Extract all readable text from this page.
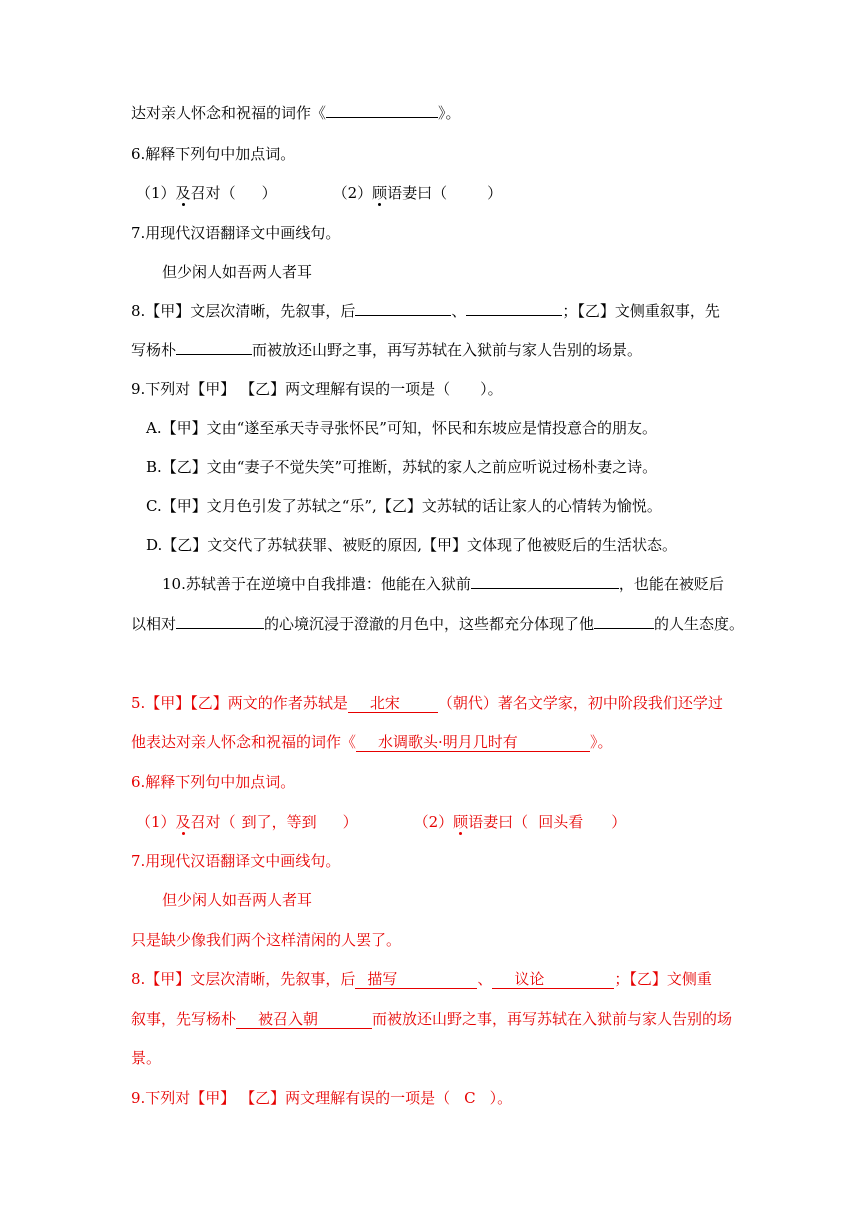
达对亲人怀念和祝福的词作《	》。
6.解释下列句中加点词。
（1）及召对（ ）	（2）顾语妻曰（	）
7.用现代汉语翻译文中画线句。
但少闲人如吾两人者耳
8.【甲】文层次清晰，先叙事，后	、	；【乙】文侧重叙事，先
写杨朴	而被放还山野之事，再写苏轼在入狱前与家人告别的场景。
9.下列对【甲】 【乙】两文理解有误的一项是（　　）。
A.【甲】文由“遂至承天寺寻张怀民”可知，怀民和东坡应是情投意合的朋友。
B.【乙】文由“妻子不觉失笑”可推断，苏轼的家人之前应听说过杨朴妻之诗。
C.【甲】文月色引发了苏轼之“乐”,【乙】文苏轼的话让家人的心情转为愉悦。
D.【乙】文交代了苏轼获罪、被贬的原因,【甲】文体现了他被贬后的生活状态。
10.苏轼善于在逆境中自我排遣：他能在入狱前	，也能在被贬后
以相对	的心境沉浸于澄澈的月色中，这些都充分体现了他	的人生态度。
5.【甲】【乙】两文的作者苏轼是 北宋	（朝代）著名文学家，初中阶段我们还学过
他表达对亲人怀念和祝福的词作《 水调歌头·明月几时有	》。
6.解释下列句中加点词。
（1）及召对（ 到了，等到 ）	（2）顾语妻曰（ 回头看 ）
7.用现代汉语翻译文中画线句。
但少闲人如吾两人者耳
只是缺少像我们两个这样清闲的人罢了。
8.【甲】文层次清晰，先叙事，后 描写	、 议论	；【乙】文侧重
叙事，先写杨朴 被召入朝	而被放还山野之事，再写苏轼在入狱前与家人告别的场
景。
9.下列对【甲】 【乙】两文理解有误的一项是（ C ）。
